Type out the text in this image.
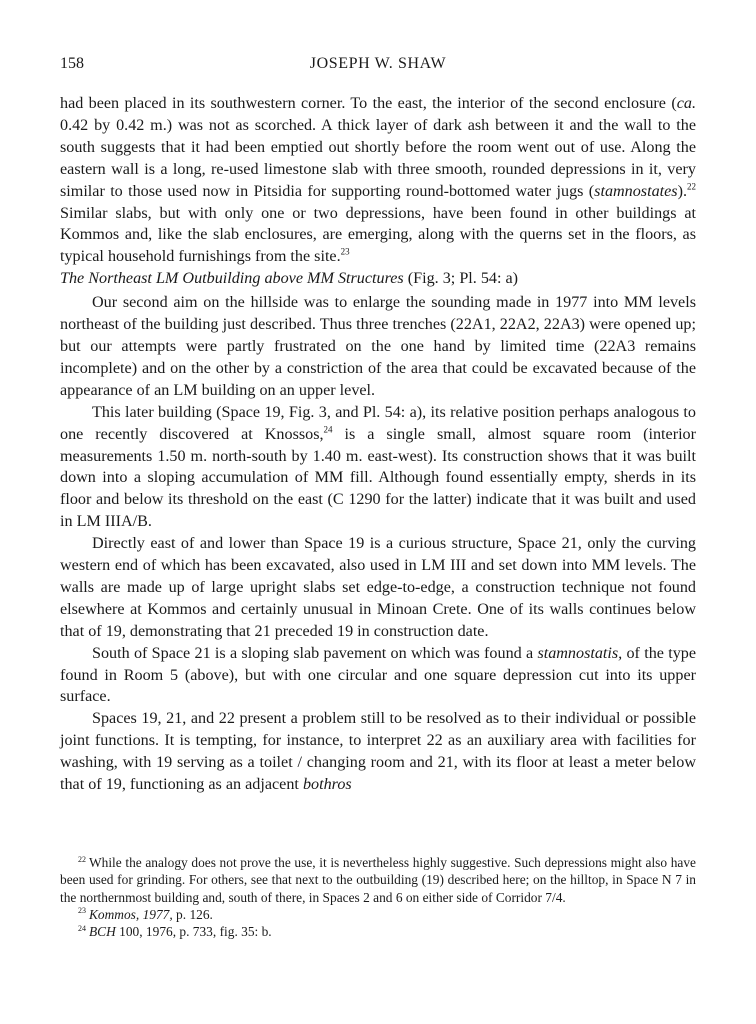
158	JOSEPH W. SHAW

had been placed in its southwestern corner. To the east, the interior of the second enclosure (ca. 0.42 by 0.42 m.) was not as scorched. A thick layer of dark ash between it and the wall to the south suggests that it had been emptied out shortly before the room went out of use. Along the eastern wall is a long, re-used limestone slab with three smooth, rounded depressions in it, very similar to those used now in Pitsidia for supporting round-bottomed water jugs (stamnostates).$^{22}$ Similar slabs, but with only one or two depressions, have been found in other buildings at Kommos and, like the slab enclosures, are emerging, along with the querns set in the floors, as typical household furnishings from the site.$^{23}$

The Northeast LM Outbuilding above MM Structures (Fig. 3; Pl. 54: a)

Our second aim on the hillside was to enlarge the sounding made in 1977 into MM levels northeast of the building just described. Thus three trenches (22A1, 22A2, 22A3) were opened up; but our attempts were partly frustrated on the one hand by limited time (22A3 remains incomplete) and on the other by a constriction of the area that could be excavated because of the appearance of an LM building on an upper level.

This later building (Space 19, Fig. 3, and Pl. 54: a), its relative position perhaps analogous to one recently discovered at Knossos,$^{24}$ is a single small, almost square room (interior measurements 1.50 m. north-south by 1.40 m. east-west). Its construction shows that it was built down into a sloping accumulation of MM fill. Although found essentially empty, sherds in its floor and below its threshold on the east (C 1290 for the latter) indicate that it was built and used in LM IIIA/B.

Directly east of and lower than Space 19 is a curious structure, Space 21, only the curving western end of which has been excavated, also used in LM III and set down into MM levels. The walls are made up of large upright slabs set edge-to-edge, a construction technique not found elsewhere at Kommos and certainly unusual in Minoan Crete. One of its walls continues below that of 19, demonstrating that 21 preceded 19 in construction date.

South of Space 21 is a sloping slab pavement on which was found a stamnostatis, of the type found in Room 5 (above), but with one circular and one square depression cut into its upper surface.

Spaces 19, 21, and 22 present a problem still to be resolved as to their individual or possible joint functions. It is tempting, for instance, to interpret 22 as an auxiliary area with facilities for washing, with 19 serving as a toilet / changing room and 21, with its floor at least a meter below that of 19, functioning as an adjacent bothros

$^{22}$ While the analogy does not prove the use, it is nevertheless highly suggestive. Such depressions might also have been used for grinding. For others, see that next to the outbuilding (19) described here; on the hilltop, in Space N 7 in the northernmost building and, south of there, in Spaces 2 and 6 on either side of Corridor 7/4.

$^{23}$ Kommos, 1977, p. 126.

$^{24}$ BCH 100, 1976, p. 733, fig. 35: b.
